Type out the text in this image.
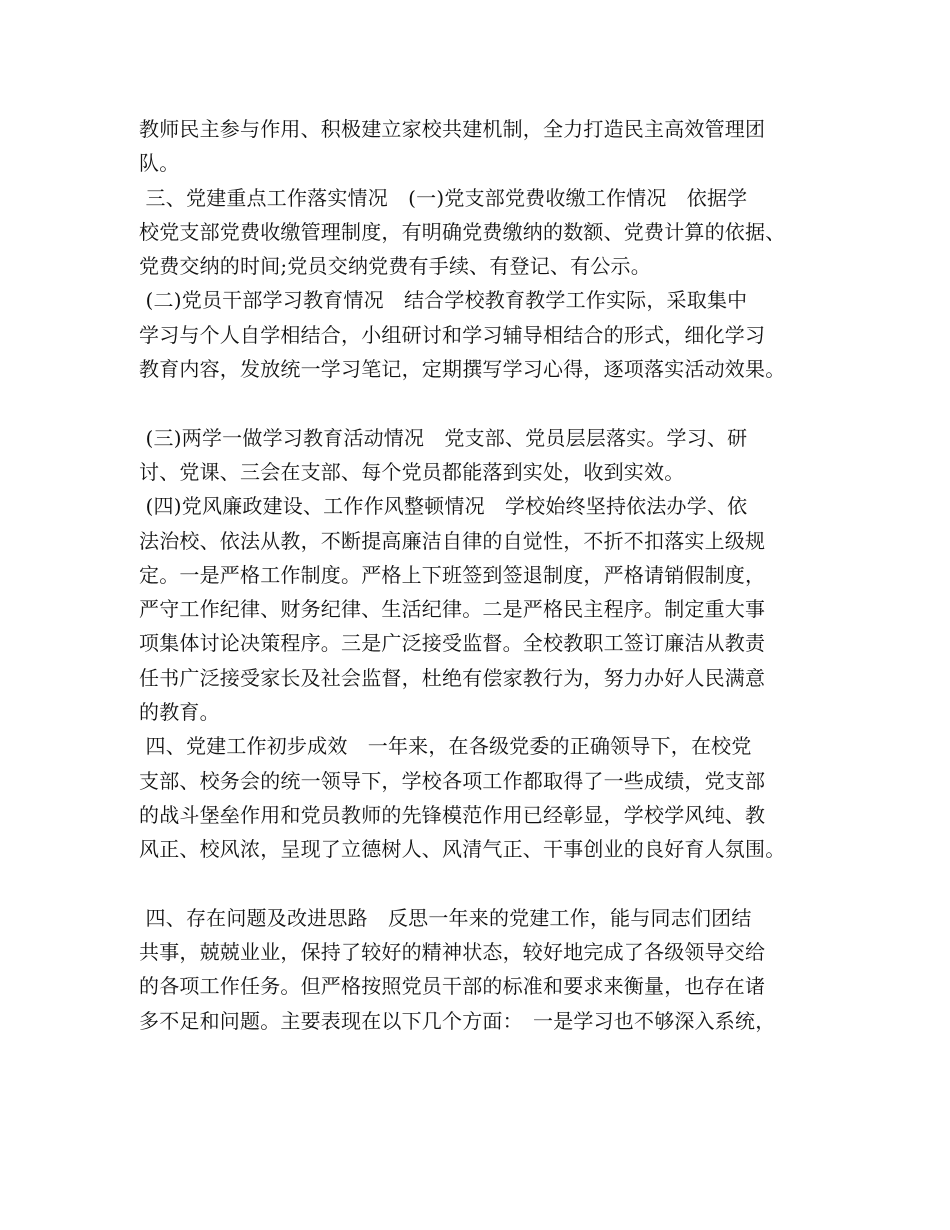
教师民主参与作用、积极建立家校共建机制，全力打造民主高效管理团
队。
三、党建重点工作落实情况　(一)党支部党费收缴工作情况　依据学
校党支部党费收缴管理制度，有明确党费缴纳的数额、党费计算的依据、
党费交纳的时间;党员交纳党费有手续、有登记、有公示。
(二)党员干部学习教育情况　结合学校教育教学工作实际，采取集中
学习与个人自学相结合，小组研讨和学习辅导相结合的形式，细化学习
教育内容，发放统一学习笔记，定期撰写学习心得，逐项落实活动效果。
(三)两学一做学习教育活动情况　党支部、党员层层落实。学习、研
讨、党课、三会在支部、每个党员都能落到实处，收到实效。
(四)党风廉政建设、工作作风整顿情况　学校始终坚持依法办学、依
法治校、依法从教，不断提高廉洁自律的自觉性，不折不扣落实上级规
定。一是严格工作制度。严格上下班签到签退制度，严格请销假制度，
严守工作纪律、财务纪律、生活纪律。二是严格民主程序。制定重大事
项集体讨论决策程序。三是广泛接受监督。全校教职工签订廉洁从教责
任书广泛接受家长及社会监督，杜绝有偿家教行为，努力办好人民满意
的教育。
四、党建工作初步成效　一年来，在各级党委的正确领导下，在校党
支部、校务会的统一领导下，学校各项工作都取得了一些成绩，党支部
的战斗堡垒作用和党员教师的先锋模范作用已经彰显，学校学风纯、教
风正、校风浓，呈现了立德树人、风清气正、干事创业的良好育人氛围。
四、存在问题及改进思路　反思一年来的党建工作，能与同志们团结
共事，兢兢业业，保持了较好的精神状态，较好地完成了各级领导交给
的各项工作任务。但严格按照党员干部的标准和要求来衡量，也存在诸
多不足和问题。主要表现在以下几个方面：　一是学习也不够深入系统，
